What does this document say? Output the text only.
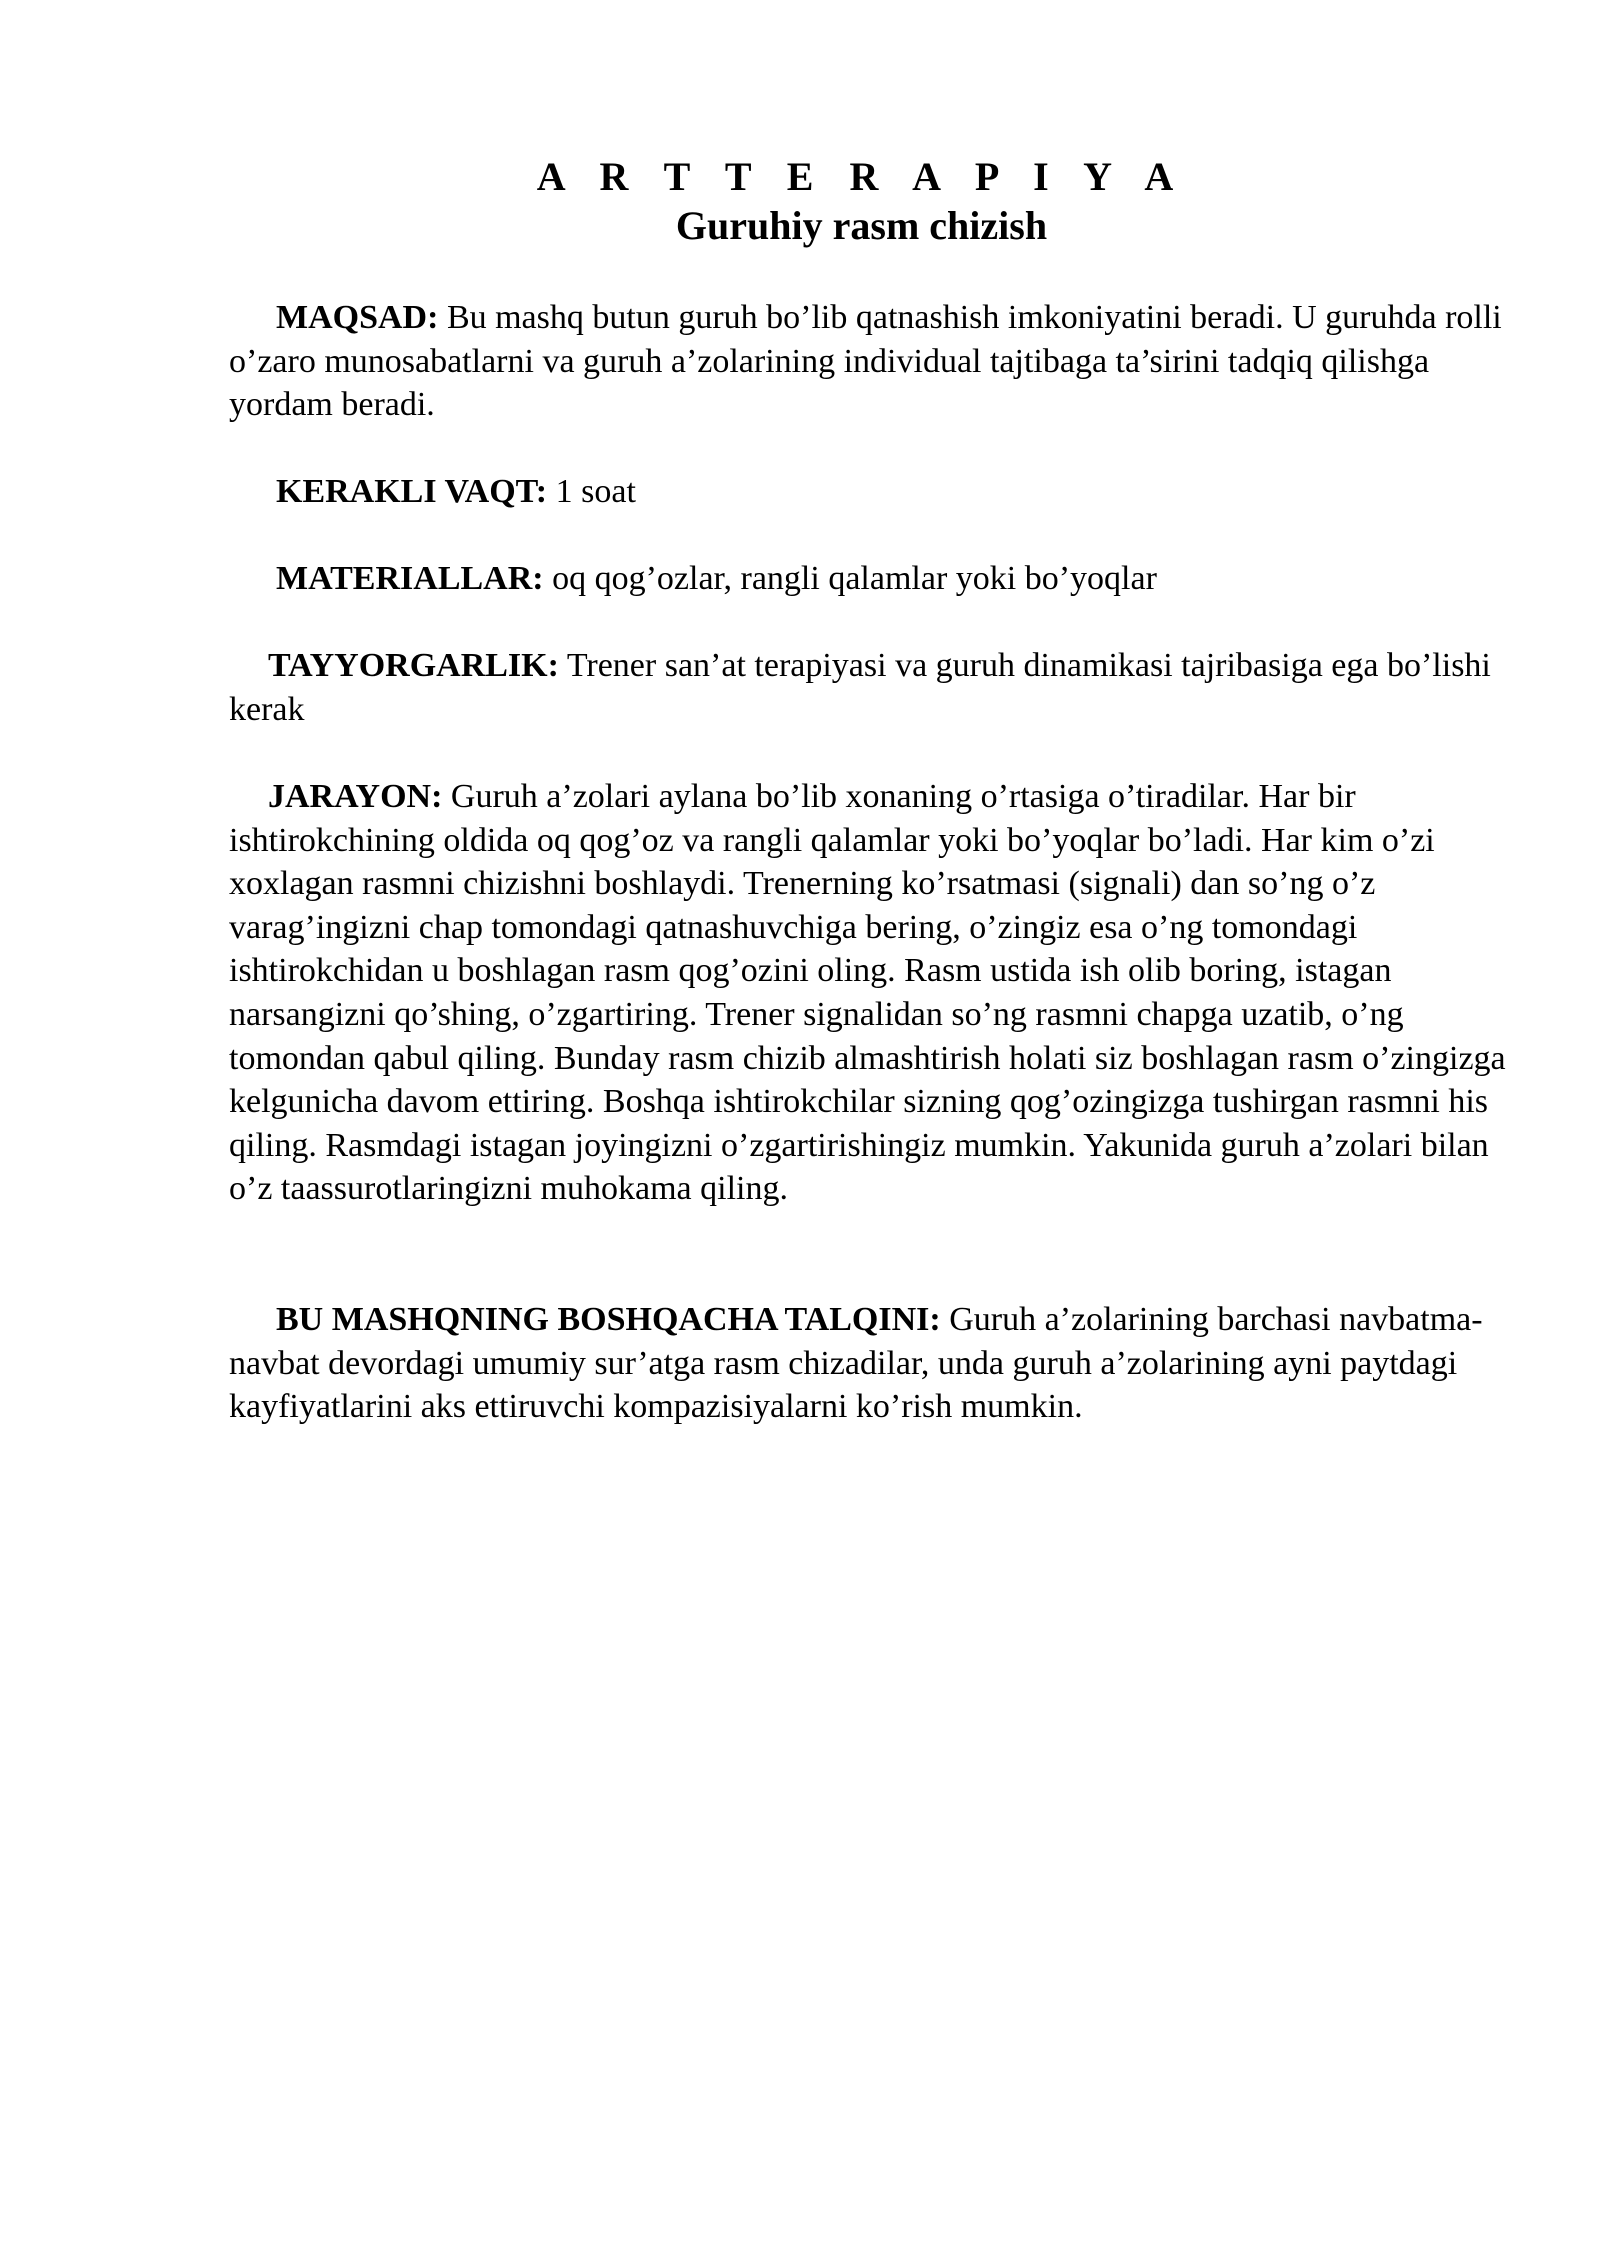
A R T T E R A P I Y A
Guruhiy rasm chizish

MAQSAD: Bu mashq butun guruh bo’lib qatnashish imkoniyatini beradi. U guruhda rolli o’zaro munosabatlarni va guruh a’zolarining individual tajtibaga ta’sirini tadqiq qilishga yordam beradi.

KERAKLI VAQT: 1 soat

MATERIALLAR: oq qog’ozlar, rangli qalamlar yoki bo’yoqlar

TAYYORGARLIK: Trener san’at terapiyasi va guruh dinamikasi tajribasiga ega bo’lishi kerak

JARAYON: Guruh a’zolari aylana bo’lib xonaning o’rtasiga o’tiradilar. Har bir ishtirokchining oldida oq qog’oz va rangli qalamlar yoki bo’yoqlar bo’ladi. Har kim o’zi xoxlagan rasmni chizishni boshlaydi. Trenerning ko’rsatmasi (signali) dan so’ng o’z varag’ingizni chap tomondagi qatnashuvchiga bering, o’zingiz esa o’ng tomondagi ishtirokchidan u boshlagan rasm qog’ozini oling. Rasm ustida ish olib boring, istagan narsangizni qo’shing, o’zgartiring. Trener signalidan so’ng rasmni chapga uzatib, o’ng tomondan qabul qiling. Bunday rasm chizib almashtirish holati siz boshlagan rasm o’zingizga kelgunicha davom ettiring. Boshqa ishtirokchilar sizning qog’ozingizga tushirgan rasmni his qiling. Rasmdagi istagan joyingizni o’zgartirishingiz mumkin. Yakunida guruh a’zolari bilan o’z taassurotlaringizni muhokama qiling.

BU MASHQNING BOSHQACHA TALQINI: Guruh a’zolarining barchasi navbatma-navbat devordagi umumiy sur’atga rasm chizadilar, unda guruh a’zolarining ayni paytdagi kayfiyatlarini aks ettiruvchi kompazisiyalarni ko’rish mumkin.
